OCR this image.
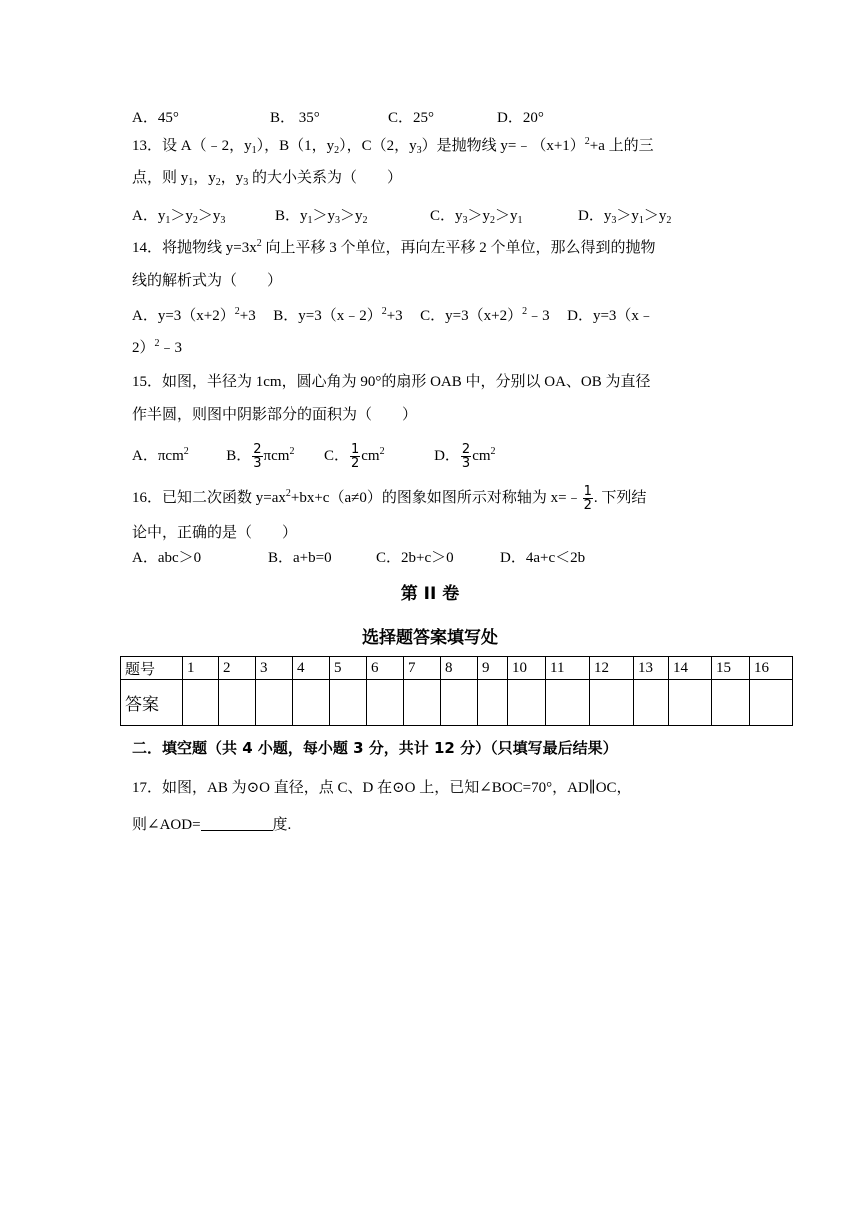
A．45°	B． 35°	C．25°	D．20°
13．设 A（﹣2，$y_1$），B（1，$y_2$），C（2，$y_3$）是抛物线 $y=﹣(x+1)^2+a$ 上的三
点，则 $y_1$，$y_2$，$y_3$ 的大小关系为（　　）
A．$y_1>y_2>y_3$	B．$y_1>y_3>y_2$	C．$y_3>y_2>y_1$	D．$y_3>y_1>y_2$
14．将抛物线 $y=3x^2$ 向上平移 3 个单位，再向左平移 2 个单位，那么得到的抛物
线的解析式为（　　）
A．$y=3(x+2)^2+3$ B．y=3（x﹣2）$^2$+3 C．$y=3(x+2)^2﹣3$ D．y=3（x﹣
2）$^2$﹣3
15．如图，半径为 1cm，圆心角为 90°的扇形 OAB 中，分别以 OA、OB 为直径
作半圆，则图中阴影部分的面积为（　　）
A．πcm$^2$	B． $\frac{2}{3} \pi cm^2$ C． $\frac{1}{2} cm^2$	D． $\frac{2}{3} cm^2$
16．已知二次函数 $y=ax^2+bx+c(a\ne 0)$的图象如图所示对称轴为 x=﹣ $\frac{1}{2}$ . 下列结
论中，正确的是（　　）
A．abc＞0	B．a+b=0	C．2b+c＞0	D．4a+c＜2b
第 II 卷
选择题答案填写处
题号	1	2	3	4	5	6	7	8	9	10	11	12	13	14	15	16
答案																
二．填空题（共 4 小题，每小题 3 分，共计 12 分）（只填写最后结果）
17．如图，AB 为⊙O 直径，点 C、D 在⊙O 上，已知∠BOC=70°，AD∥OC，
则∠AOD=	度.
